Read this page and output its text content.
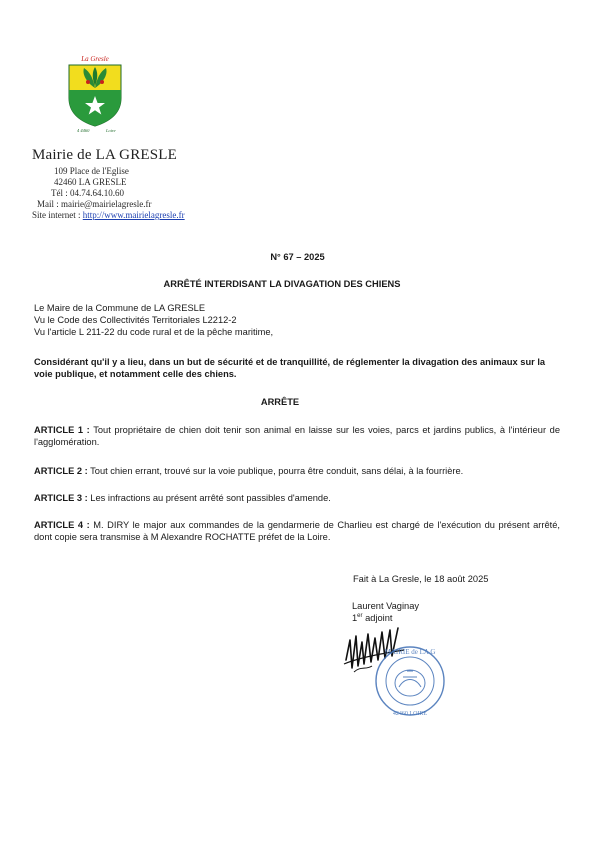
La Gresle
4 4460	Loire
Mairie de LA GRESLE
109 Place de l'Eglise
42460 LA GRESLE
Tél : 04.74.64.10.60
Mail : mairie@mairielagresle.fr
Site internet : http://www.mairielagresle.fr
N° 67 – 2025
ARRÊTÉ INTERDISANT LA DIVAGATION DES CHIENS
Le Maire de la Commune de LA GRESLE
Vu le Code des Collectivités Territoriales L2212-2
Vu l'article L 211-22 du code rural et de la pêche maritime,
Considérant qu'il y a lieu, dans un but de sécurité et de tranquillité, de réglementer la divagation des animaux sur la voie publique, et notamment celle des chiens.
ARRÊTE
ARTICLE 1 : Tout propriétaire de chien doit tenir son animal en laisse sur les voies, parcs et jardins publics, à l'intérieur de l'agglomération.
ARTICLE 2 : Tout chien errant, trouvé sur la voie publique, pourra être conduit, sans délai, à la fourrière.
ARTICLE 3 : Les infractions au présent arrêté sont passibles d'amende.
ARTICLE 4 : M. DIRY le major aux commandes de la gendarmerie de Charlieu est chargé de l'exécution du présent arrêté, dont copie sera transmise à M Alexandre ROCHATTE préfet de la Loire.
Fait à La Gresle, le 18 août 2025
Laurent Vaginay
1er adjoint
MAIRIE de LA G
42460 LOIRE
